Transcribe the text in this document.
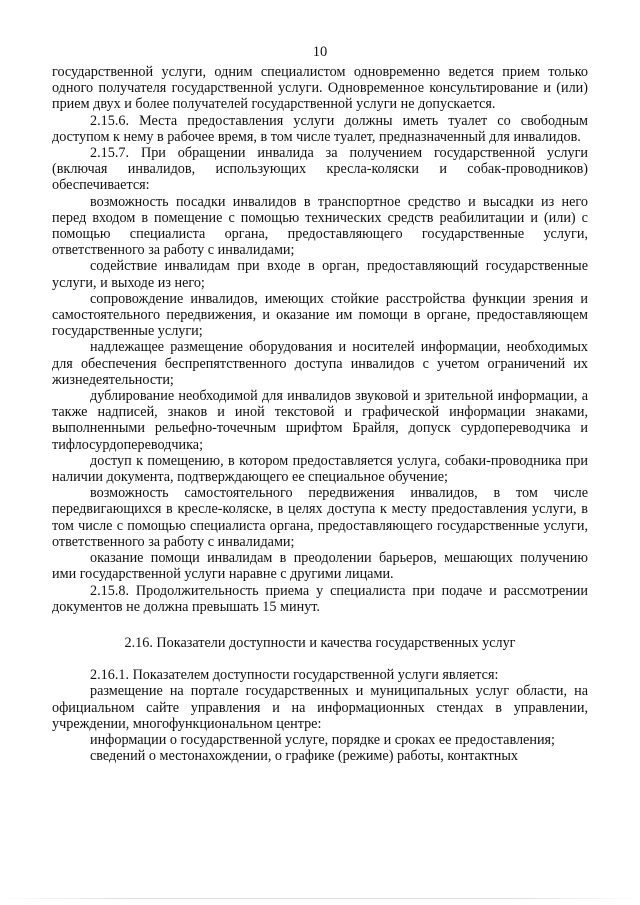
10

государственной услуги, одним специалистом одновременно ведется прием только одного получателя государственной услуги. Одновременное консультирование и (или) прием двух и более получателей государственной услуги не допускается.

2.15.6. Места предоставления услуги должны иметь туалет со свободным доступом к нему в рабочее время, в том числе туалет, предназначенный для инвалидов.

2.15.7. При обращении инвалида за получением государственной услуги (включая инвалидов, использующих кресла-коляски и собак-проводников) обеспечивается:

возможность посадки инвалидов в транспортное средство и высадки из него перед входом в помещение с помощью технических средств реабилитации и (или) с помощью специалиста органа, предоставляющего государственные услуги, ответственного за работу с инвалидами;

содействие инвалидам при входе в орган, предоставляющий государственные услуги, и выходе из него;

сопровождение инвалидов, имеющих стойкие расстройства функции зрения и самостоятельного передвижения, и оказание им помощи в органе, предоставляющем государственные услуги;

надлежащее размещение оборудования и носителей информации, необходимых для обеспечения беспрепятственного доступа инвалидов с учетом ограничений их жизнедеятельности;

дублирование необходимой для инвалидов звуковой и зрительной информации, а также надписей, знаков и иной текстовой и графической информации знаками, выполненными рельефно-точечным шрифтом Брайля, допуск сурдопереводчика и тифлосурдопереводчика;

доступ к помещению, в котором предоставляется услуга, собаки-проводника при наличии документа, подтверждающего ее специальное обучение;

возможность самостоятельного передвижения инвалидов, в том числе передвигающихся в кресле-коляске, в целях доступа к месту предоставления услуги, в том числе с помощью специалиста органа, предоставляющего государственные услуги, ответственного за работу с инвалидами;

оказание помощи инвалидам в преодолении барьеров, мешающих получению ими государственной услуги наравне с другими лицами.

2.15.8. Продолжительность приема у специалиста при подаче и рассмотрении документов не должна превышать 15 минут.

2.16. Показатели доступности и качества государственных услуг

2.16.1. Показателем доступности государственной услуги является:

размещение на портале государственных и муниципальных услуг области, на официальном сайте управления и на информационных стендах в управлении, учреждении, многофункциональном центре:

информации о государственной услуге, порядке и сроках ее предоставления;

сведений о местонахождении, о графике (режиме) работы, контактных
